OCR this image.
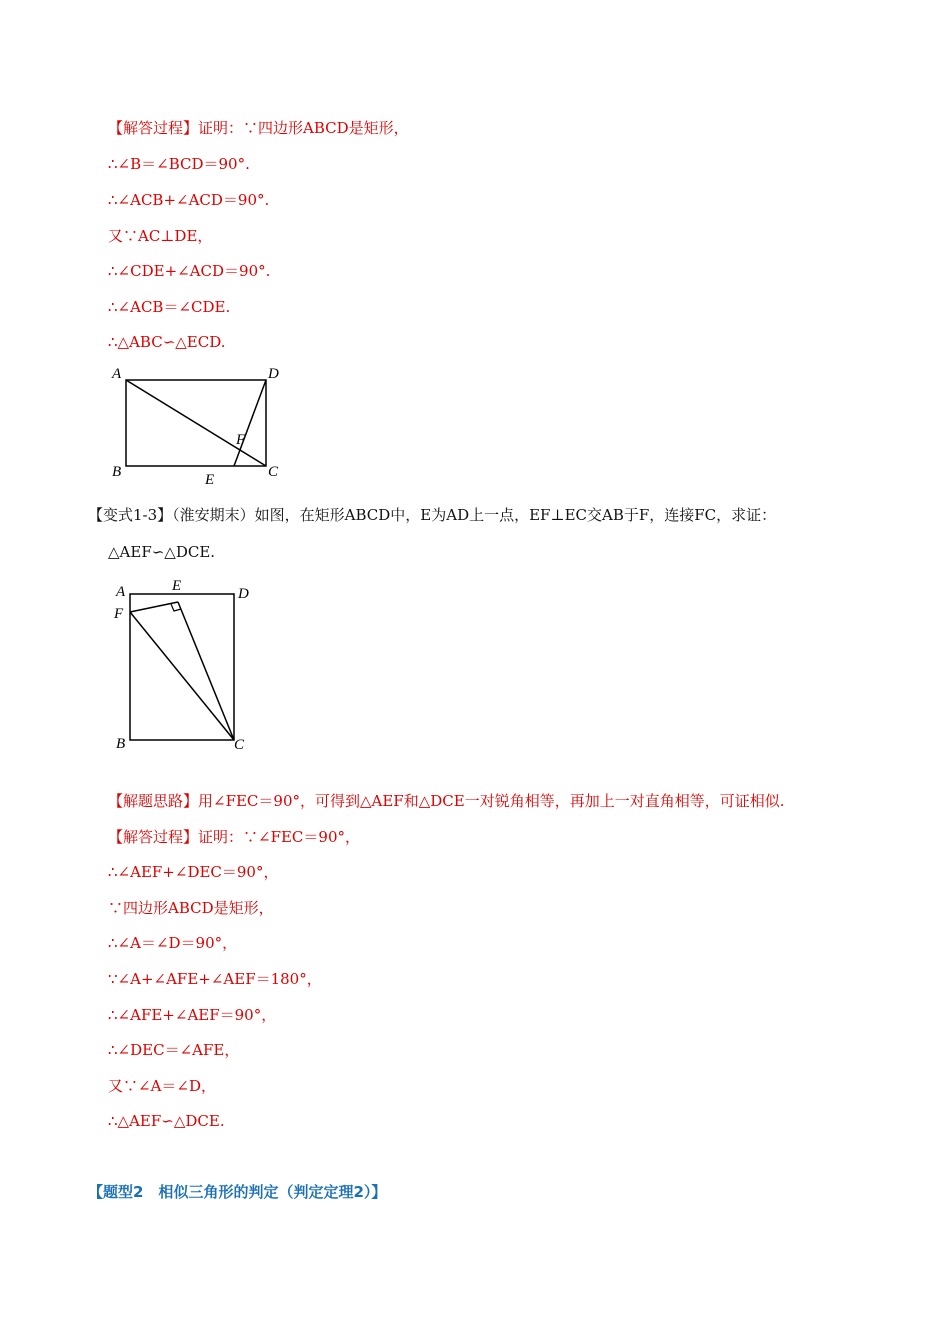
【解答过程】证明：∵四边形ABCD是矩形，
∴∠B＝∠BCD＝90°.
∴∠ACB+∠ACD＝90°.
又∵AC⊥DE，
∴∠CDE+∠ACD＝90°.
∴∠ACB＝∠CDE.
∴△ABC∽△ECD.
A	D
F
B	E	C
【变式1-3】（淮安期末）如图，在矩形ABCD中，E为AD上一点，EF⊥EC交AB于F，连接FC，求证：
△AEF∽△DCE.
A	E	D
F
B	C
【解题思路】用∠FEC＝90°，可得到△AEF和△DCE一对锐角相等，再加上一对直角相等，可证相似.
【解答过程】证明：∵∠FEC＝90°，
∴∠AEF+∠DEC＝90°，
∵四边形ABCD是矩形，
∴∠A＝∠D＝90°，
∵∠A+∠AFE+∠AEF＝180°，
∴∠AFE+∠AEF＝90°，
∴∠DEC＝∠AFE，
又∵∠A＝∠D，
∴△AEF∽△DCE.
【题型2　相似三角形的判定（判定定理2）】
